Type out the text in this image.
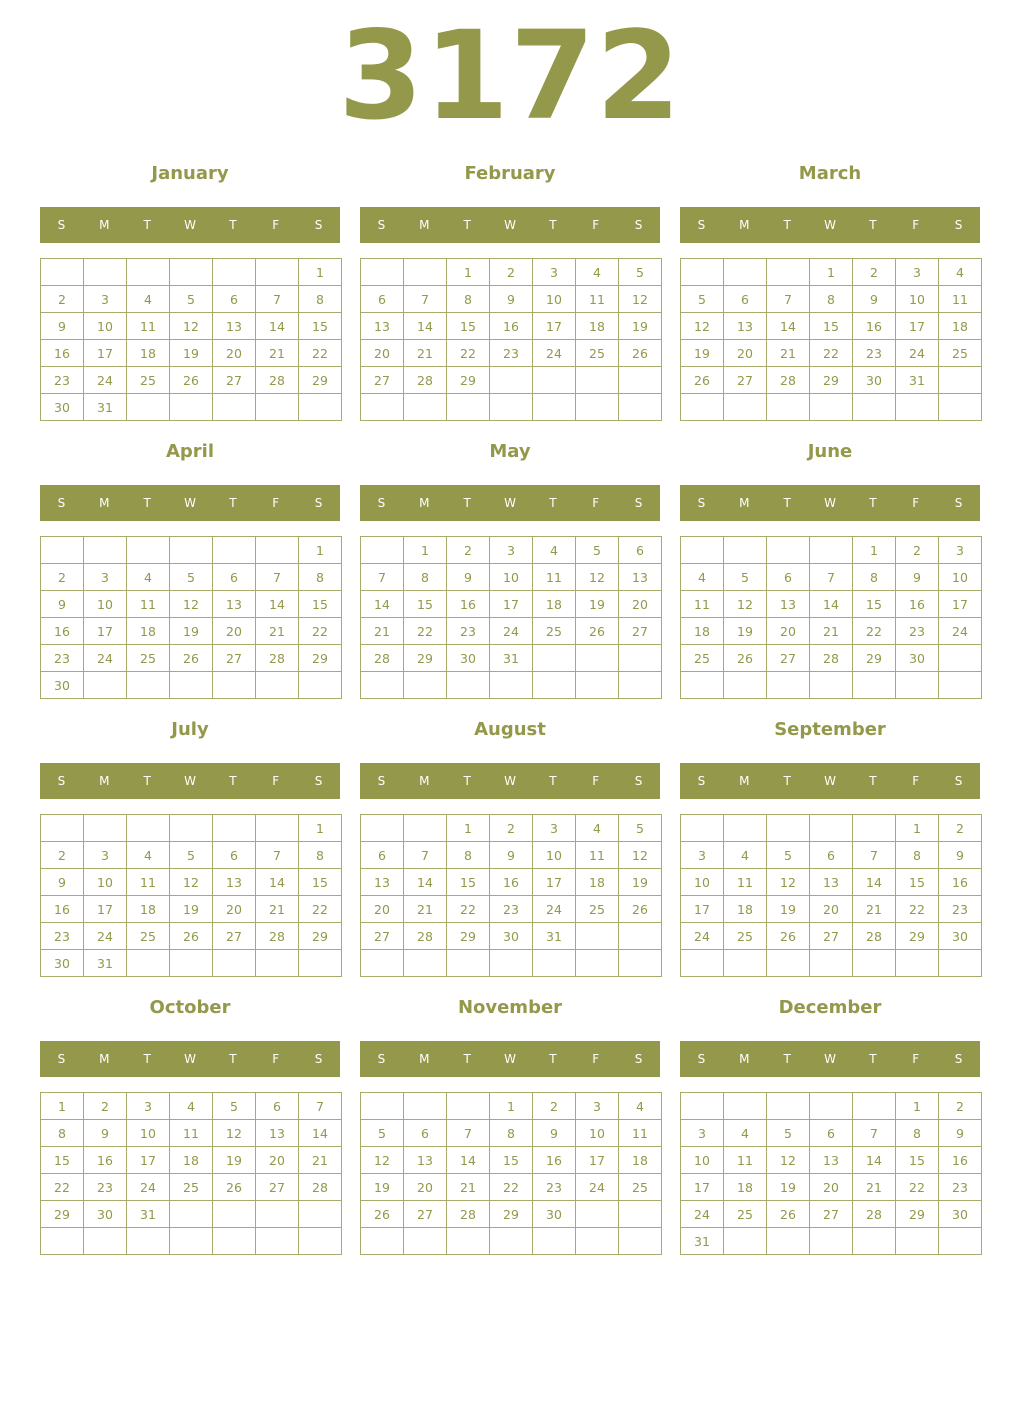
3172
January
S	M	T	W	T	F	S
						1
2	3	4	5	6	7	8
9	10	11	12	13	14	15
16	17	18	19	20	21	22
23	24	25	26	27	28	29
30	31					
February
S	M	T	W	T	F	S
		1	2	3	4	5
6	7	8	9	10	11	12
13	14	15	16	17	18	19
20	21	22	23	24	25	26
27	28	29				

March
S	M	T	W	T	F	S
			1	2	3	4
5	6	7	8	9	10	11
12	13	14	15	16	17	18
19	20	21	22	23	24	25
26	27	28	29	30	31	

April
S	M	T	W	T	F	S
						1
2	3	4	5	6	7	8
9	10	11	12	13	14	15
16	17	18	19	20	21	22
23	24	25	26	27	28	29
30						
May
S	M	T	W	T	F	S
	1	2	3	4	5	6
7	8	9	10	11	12	13
14	15	16	17	18	19	20
21	22	23	24	25	26	27
28	29	30	31			

June
S	M	T	W	T	F	S
				1	2	3
4	5	6	7	8	9	10
11	12	13	14	15	16	17
18	19	20	21	22	23	24
25	26	27	28	29	30	

July
S	M	T	W	T	F	S
						1
2	3	4	5	6	7	8
9	10	11	12	13	14	15
16	17	18	19	20	21	22
23	24	25	26	27	28	29
30	31					
August
S	M	T	W	T	F	S
		1	2	3	4	5
6	7	8	9	10	11	12
13	14	15	16	17	18	19
20	21	22	23	24	25	26
27	28	29	30	31		

September
S	M	T	W	T	F	S
					1	2
3	4	5	6	7	8	9
10	11	12	13	14	15	16
17	18	19	20	21	22	23
24	25	26	27	28	29	30

October
S	M	T	W	T	F	S
1	2	3	4	5	6	7
8	9	10	11	12	13	14
15	16	17	18	19	20	21
22	23	24	25	26	27	28
29	30	31				

November
S	M	T	W	T	F	S
			1	2	3	4
5	6	7	8	9	10	11
12	13	14	15	16	17	18
19	20	21	22	23	24	25
26	27	28	29	30		

December
S	M	T	W	T	F	S
					1	2
3	4	5	6	7	8	9
10	11	12	13	14	15	16
17	18	19	20	21	22	23
24	25	26	27	28	29	30
31						
